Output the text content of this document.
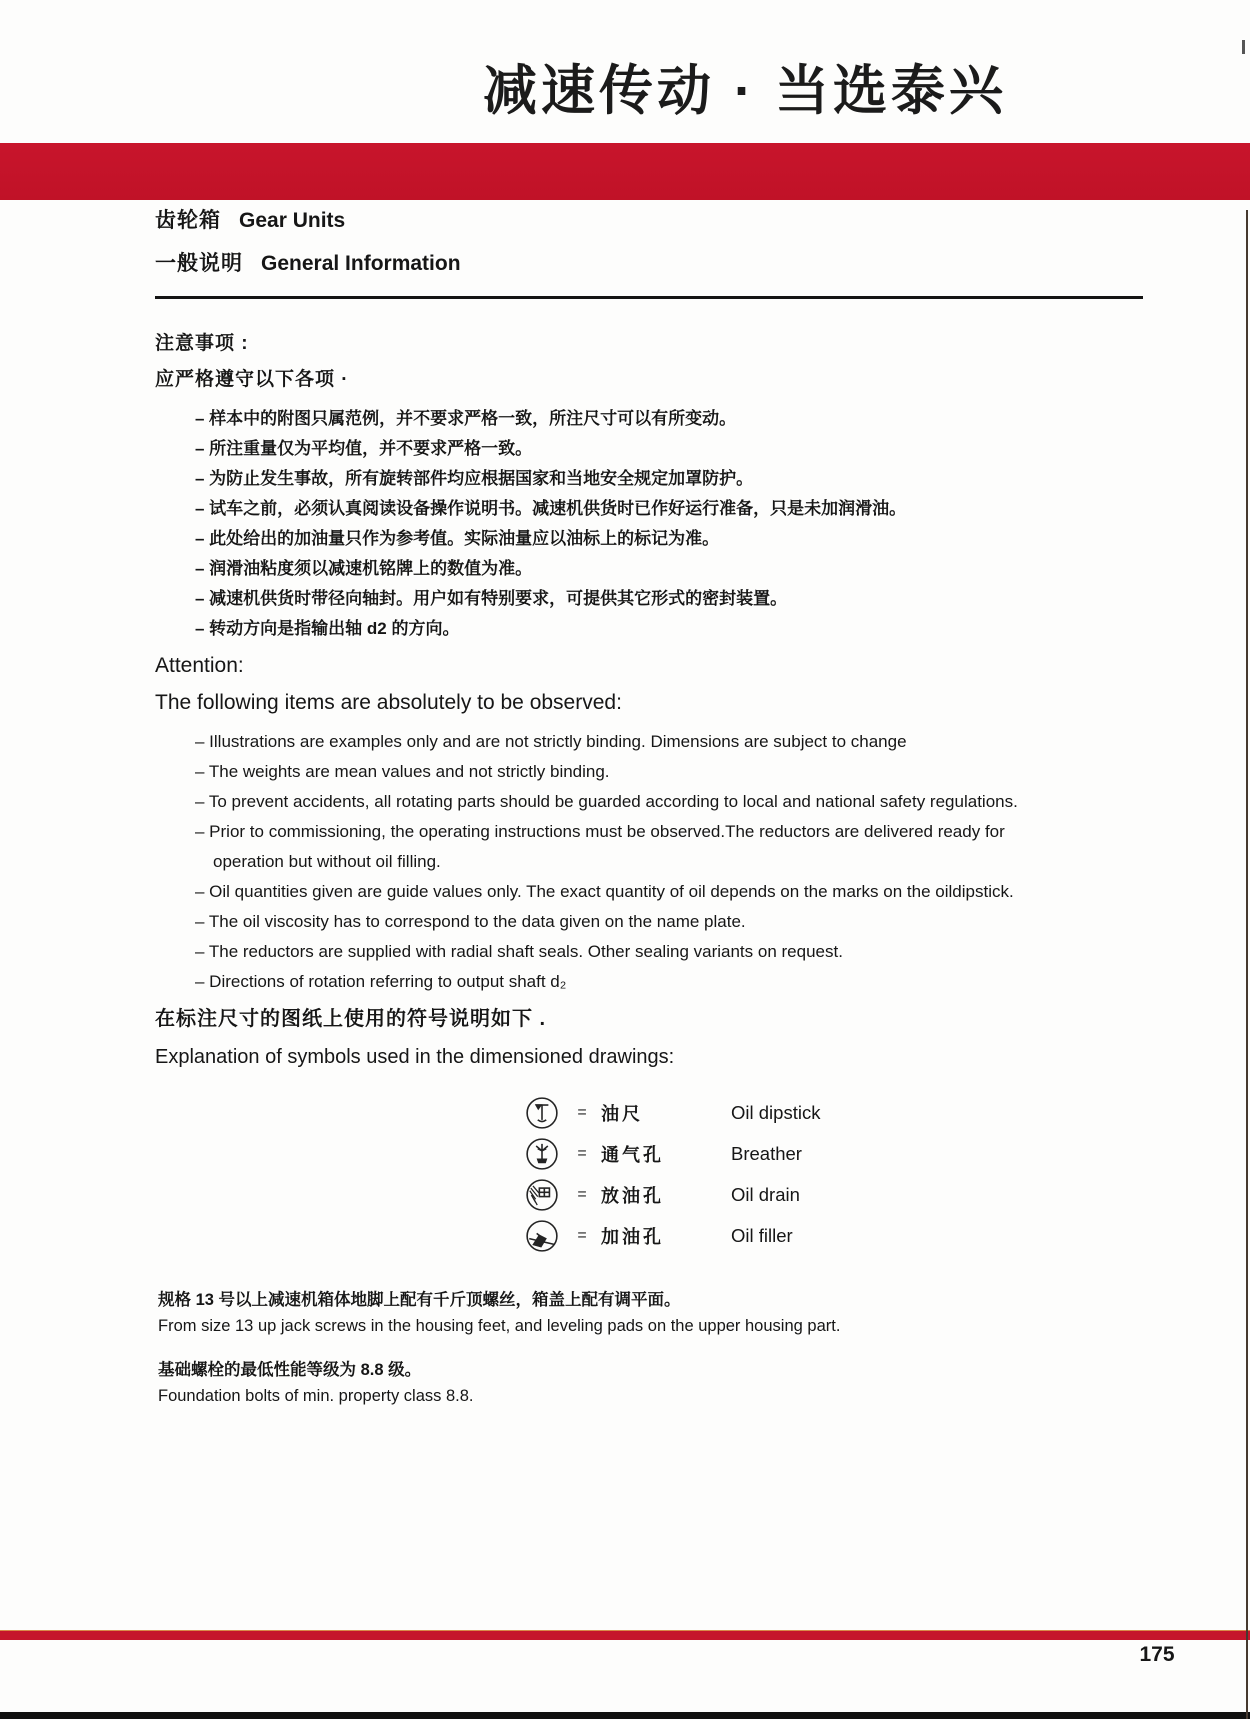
减速传动 · 当选泰兴
齿轮箱 Gear Units
一般说明 General Information
注意事项 :
应严格遵守以下各项 ·
– 样本中的附图只属范例，并不要求严格一致，所注尺寸可以有所变动。
– 所注重量仅为平均值，并不要求严格一致。
– 为防止发生事故，所有旋转部件均应根据国家和当地安全规定加罩防护。
– 试车之前，必须认真阅读设备操作说明书。减速机供货时已作好运行准备，只是未加润滑油。
– 此处给出的加油量只作为参考值。实际油量应以油标上的标记为准。
– 润滑油粘度须以减速机铭牌上的数值为准。
– 减速机供货时带径向轴封。用户如有特别要求，可提供其它形式的密封装置。
– 转动方向是指输出轴 d2 的方向。
Attention:
The following items are absolutely to be observed:
– Illustrations are examples only and are not strictly binding. Dimensions are subject to change
– The weights are mean values and not strictly binding.
– To prevent accidents, all rotating parts should be guarded according to local and national safety regulations.
– Prior to commissioning, the operating instructions must be observed.The reductors are delivered ready for operation but without oil filling.
– Oil quantities given are guide values only. The exact quantity of oil depends on the marks on the oildipstick.
– The oil viscosity has to correspond to the data given on the name plate.
– The reductors are supplied with radial shaft seals. Other sealing variants on request.
– Directions of rotation referring to output shaft d₂
在标注尺寸的图纸上使用的符号说明如下 .
Explanation of symbols used in the dimensioned drawings:
= 油尺	Oil dipstick
= 通气孔	Breather
= 放油孔	Oil drain
= 加油孔	Oil filler
规格 13 号以上减速机箱体地脚上配有千斤顶螺丝，箱盖上配有调平面。
From size 13 up jack screws in the housing feet, and leveling pads on the upper housing part.
基础螺栓的最低性能等级为 8.8 级。
Foundation bolts of min. property class 8.8.
175
